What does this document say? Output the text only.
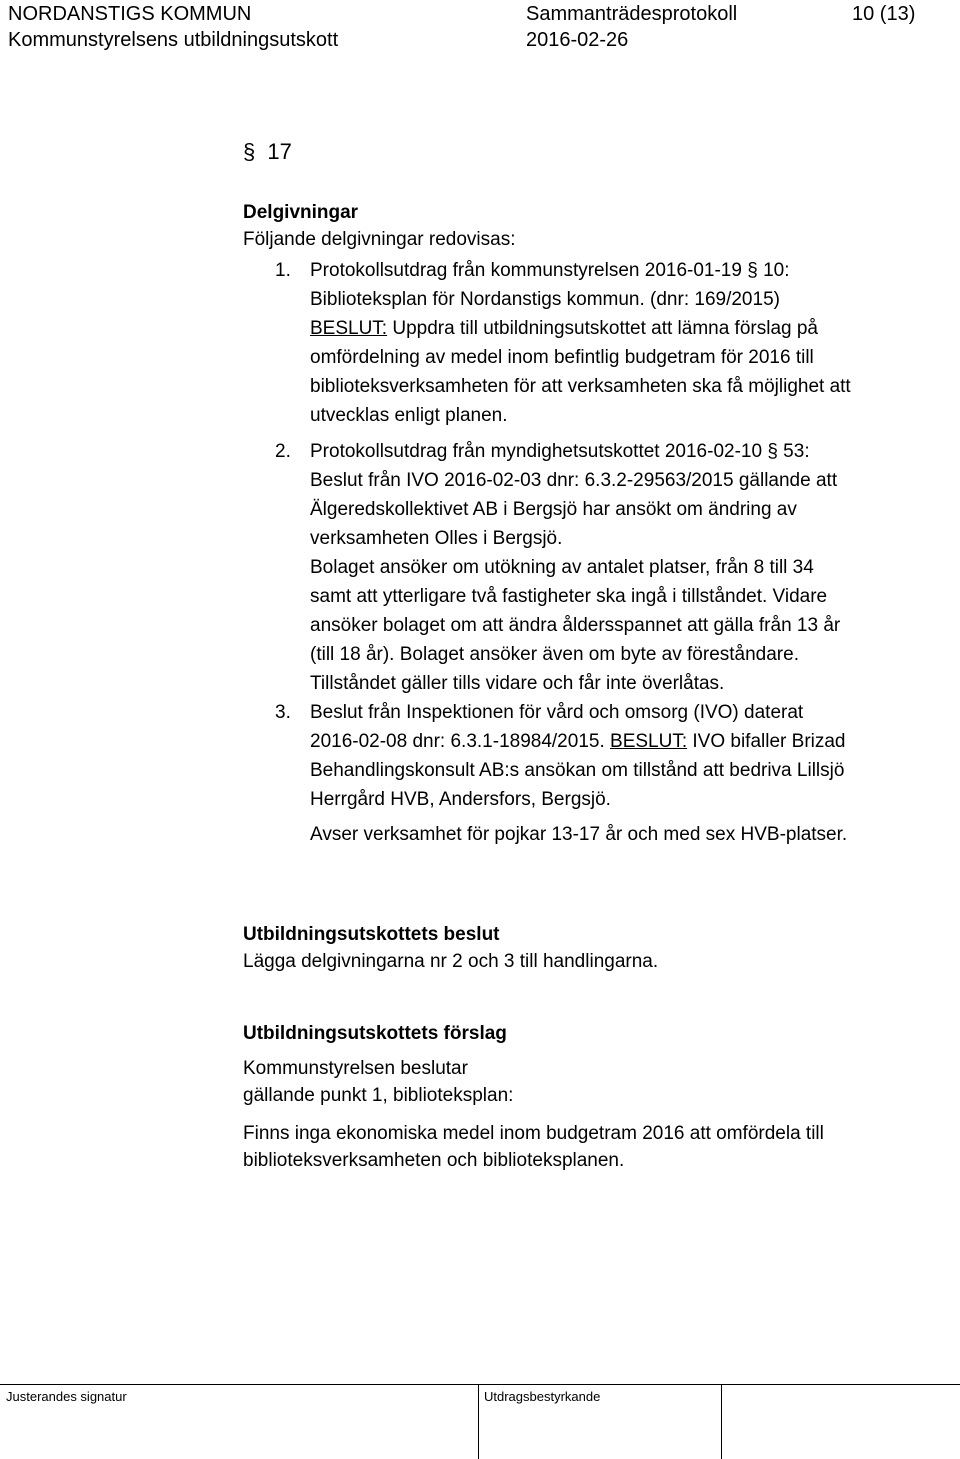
NORDANSTIGS KOMMUN
Kommunstyrelsens utbildningsutskott
Sammanträdesprotokoll
2016-02-26
10 (13)
§ 17
Delgivningar
Följande delgivningar redovisas:
1. Protokollsutdrag från kommunstyrelsen 2016-01-19 § 10:
Biblioteksplan för Nordanstigs kommun. (dnr: 169/2015)
BESLUT: Uppdra till utbildningsutskottet att lämna förslag på
omfördelning av medel inom befintlig budgetram för 2016 till
biblioteksverksamheten för att verksamheten ska få möjlighet att
utvecklas enligt planen.
2. Protokollsutdrag från myndighetsutskottet 2016-02-10 § 53:
Beslut från IVO 2016-02-03 dnr: 6.3.2-29563/2015 gällande att
Älgeredskollektivet AB i Bergsjö har ansökt om ändring av
verksamheten Olles i Bergsjö.
Bolaget ansöker om utökning av antalet platser, från 8 till 34
samt att ytterligare två fastigheter ska ingå i tillståndet. Vidare
ansöker bolaget om att ändra åldersspannet att gälla från 13 år
(till 18 år). Bolaget ansöker även om byte av föreståndare.
Tillståndet gäller tills vidare och får inte överlåtas.
3. Beslut från Inspektionen för vård och omsorg (IVO) daterat
2016-02-08 dnr: 6.3.1-18984/2015. BESLUT: IVO bifaller Brizad
Behandlingskonsult AB:s ansökan om tillstånd att bedriva Lillsjö
Herrgård HVB, Andersfors, Bergsjö.
Avser verksamhet för pojkar 13-17 år och med sex HVB-platser.
Utbildningsutskottets beslut
Lägga delgivningarna nr 2 och 3 till handlingarna.
Utbildningsutskottets förslag
Kommunstyrelsen beslutar
gällande punkt 1, biblioteksplan:
Finns inga ekonomiska medel inom budgetram 2016 att omfördela till
biblioteksverksamheten och biblioteksplanen.
Justerandes signatur	Utdragsbestyrkande
